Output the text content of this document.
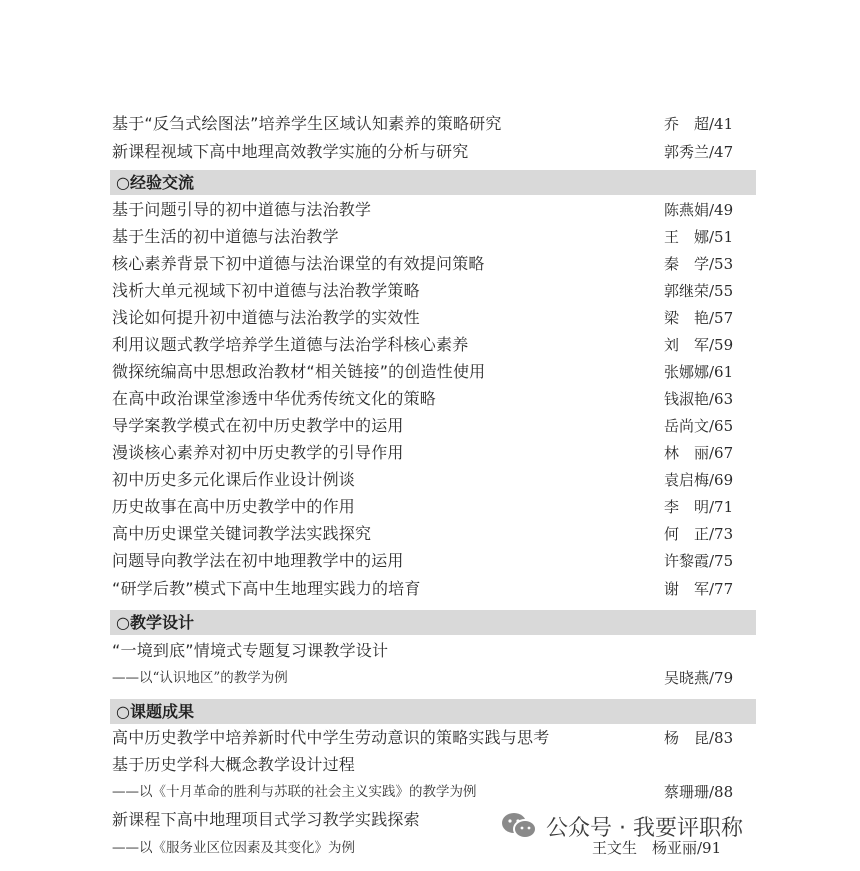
基于“反刍式绘图法”培养学生区域认知素养的策略研究	乔　超/41
新课程视域下高中地理高效教学实施的分析与研究	郭秀兰/47
○经验交流
基于问题引导的初中道德与法治教学	陈燕娟/49
基于生活的初中道德与法治教学	王　娜/51
核心素养背景下初中道德与法治课堂的有效提问策略	秦　学/53
浅析大单元视域下初中道德与法治教学策略	郭继荣/55
浅论如何提升初中道德与法治教学的实效性	梁　艳/57
利用议题式教学培养学生道德与法治学科核心素养	刘　军/59
微探统编高中思想政治教材“相关链接”的创造性使用	张娜娜/61
在高中政治课堂渗透中华优秀传统文化的策略	钱淑艳/63
导学案教学模式在初中历史教学中的运用	岳尚文/65
漫谈核心素养对初中历史教学的引导作用	林　丽/67
初中历史多元化课后作业设计例谈	袁启梅/69
历史故事在高中历史教学中的作用	李　明/71
高中历史课堂关键词教学法实践探究	何　正/73
问题导向教学法在初中地理教学中的运用	许黎霞/75
“研学后教”模式下高中生地理实践力的培育	谢　军/77
○教学设计
“一境到底”情境式专题复习课教学设计
——以“认识地区”的教学为例	吴晓燕/79
○课题成果
高中历史教学中培养新时代中学生劳动意识的策略实践与思考	杨　昆/83
基于历史学科大概念教学设计过程
——以《十月革命的胜利与苏联的社会主义实践》的教学为例	蔡珊珊/88
新课程下高中地理项目式学习教学实践探索
——以《服务业区位因素及其变化》为例	王文生　杨亚丽/91
公众号 · 我要评职称
